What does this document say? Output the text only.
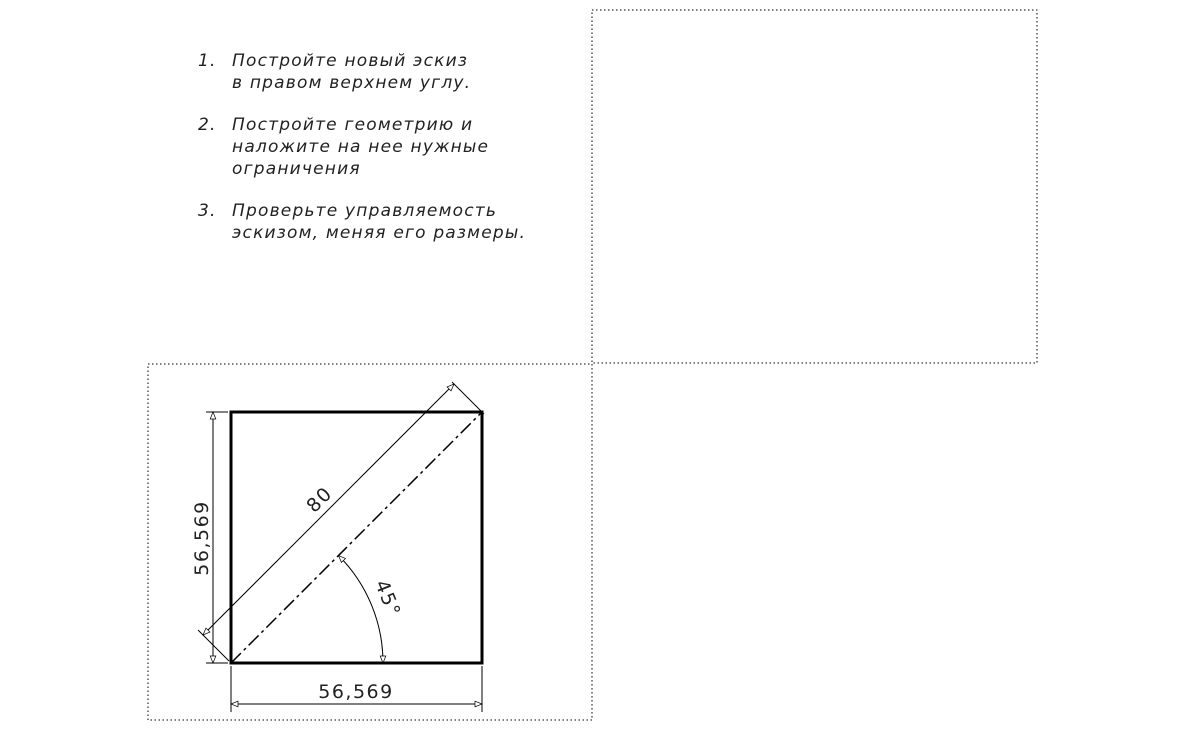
1. Постройте новый эскиз
в правом верхнем углу.
2. Постройте геометрию и
наложите на нее нужные
ограничения
3. Проверьте управляемость
эскизом, меняя его размеры.
56,569
56,569
80
45°
